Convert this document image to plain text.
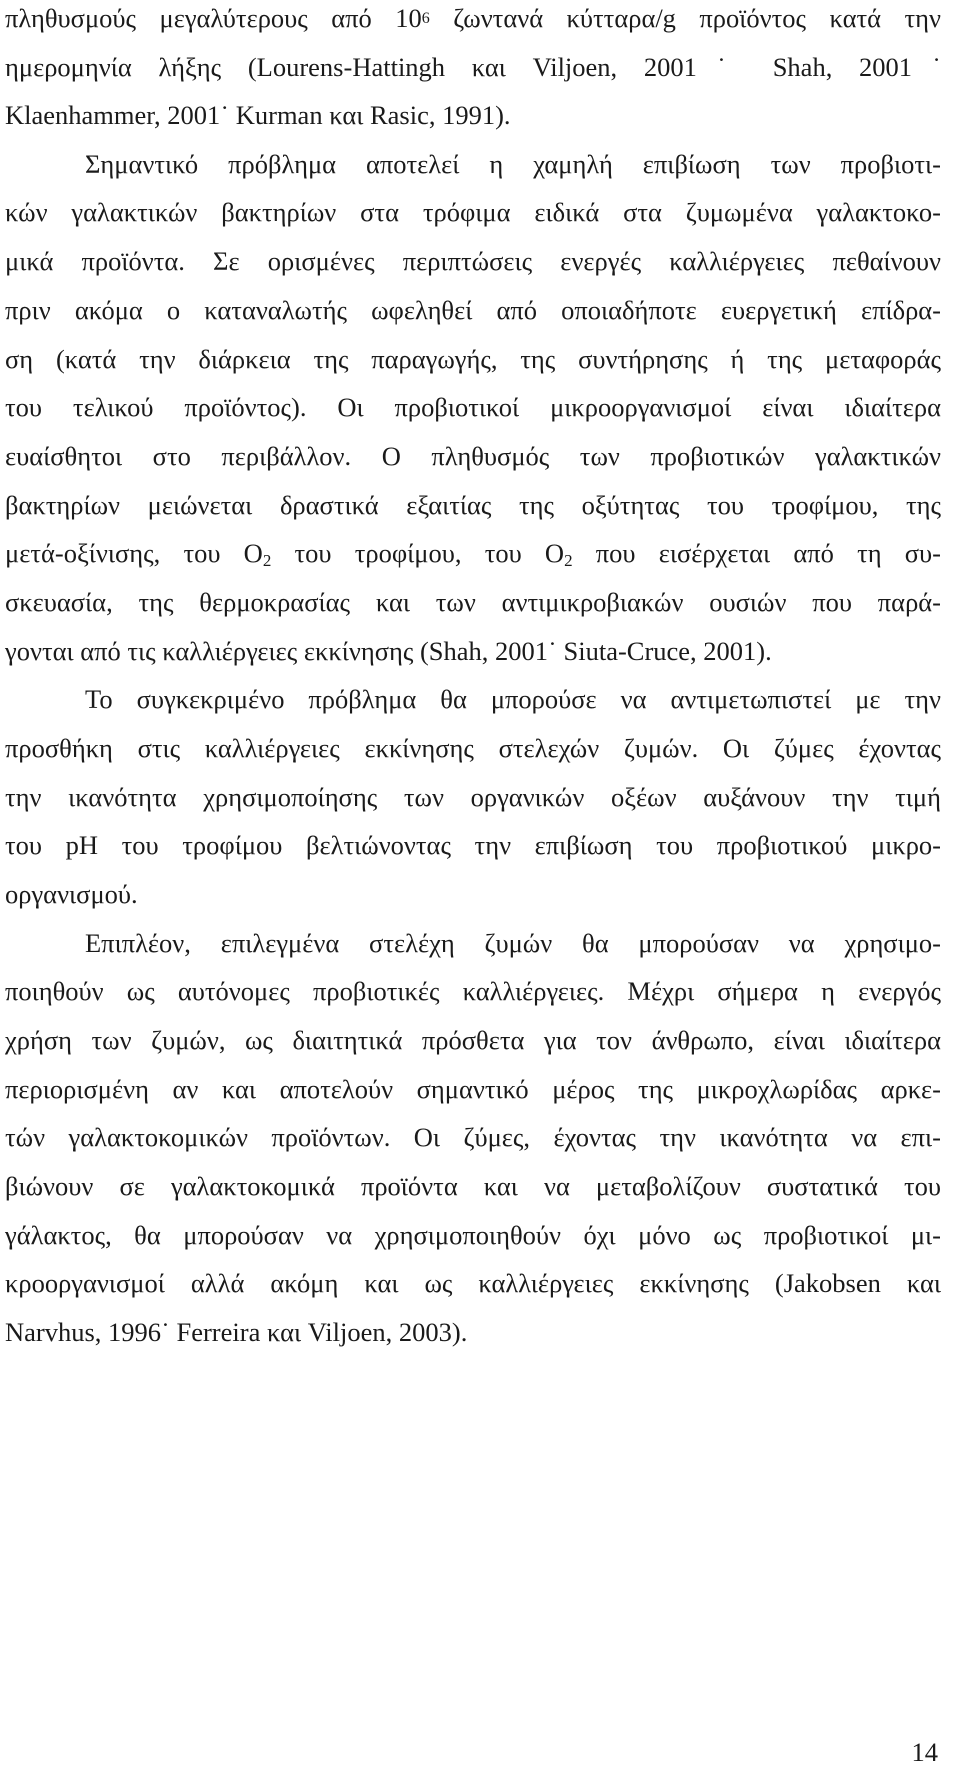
πληθυσμούς μεγαλύτερους από $10^6$ ζωντανά κύτταρα/g προϊόντος κατά την
ημερομηνία λήξης (Lourens-Hattingh και Viljoen, 2001˙ Shah, 2001˙
Klaenhammer, 2001˙ Kurman και Rasic, 1991).
Σημαντικό πρόβλημα αποτελεί η χαμηλή επιβίωση των προβιοτι-
κών γαλακτικών βακτηρίων στα τρόφιμα ειδικά στα ζυμωμένα γαλακτοκο-
μικά προϊόντα. Σε ορισμένες περιπτώσεις ενεργές καλλιέργειες πεθαίνουν
πριν ακόμα ο καταναλωτής ωφεληθεί από οποιαδήποτε ευεργετική επίδρα-
ση (κατά την διάρκεια της παραγωγής, της συντήρησης ή της μεταφοράς
του τελικού προϊόντος). Οι προβιοτικοί μικροοργανισμοί είναι ιδιαίτερα
ευαίσθητοι στο περιβάλλον. Ο πληθυσμός των προβιοτικών γαλακτικών
βακτηρίων μειώνεται δραστικά εξαιτίας της οξύτητας του τροφίμου, της
μετά-οξίνισης, του $O_2$ του τροφίμου, του $O_2$ που εισέρχεται από τη συ-
σκευασία, της θερμοκρασίας και των αντιμικροβιακών ουσιών που παρά-
γονται από τις καλλιέργειες εκκίνησης (Shah, 2001˙ Siuta-Cruce, 2001).
Το συγκεκριμένο πρόβλημα θα μπορούσε να αντιμετωπιστεί με την
προσθήκη στις καλλιέργειες εκκίνησης στελεχών ζυμών. Οι ζύμες έχοντας
την ικανότητα χρησιμοποίησης των οργανικών οξέων αυξάνουν την τιμή
του pH του τροφίμου βελτιώνοντας την επιβίωση του προβιοτικού μικρο-
οργανισμού.
Επιπλέον, επιλεγμένα στελέχη ζυμών θα μπορούσαν να χρησιμο-
ποιηθούν ως αυτόνομες προβιοτικές καλλιέργειες. Μέχρι σήμερα η ενεργός
χρήση των ζυμών, ως διαιτητικά πρόσθετα για τον άνθρωπο, είναι ιδιαίτερα
περιορισμένη αν και αποτελούν σημαντικό μέρος της μικροχλωρίδας αρκε-
τών γαλακτοκομικών προϊόντων. Οι ζύμες, έχοντας την ικανότητα να επι-
βιώνουν σε γαλακτοκομικά προϊόντα και να μεταβολίζουν συστατικά του
γάλακτος, θα μπορούσαν να χρησιμοποιηθούν όχι μόνο ως προβιοτικοί μι-
κροοργανισμοί αλλά ακόμη και ως καλλιέργειες εκκίνησης (Jakobsen και
Narvhus, 1996˙ Ferreira και Viljoen, 2003).
14
